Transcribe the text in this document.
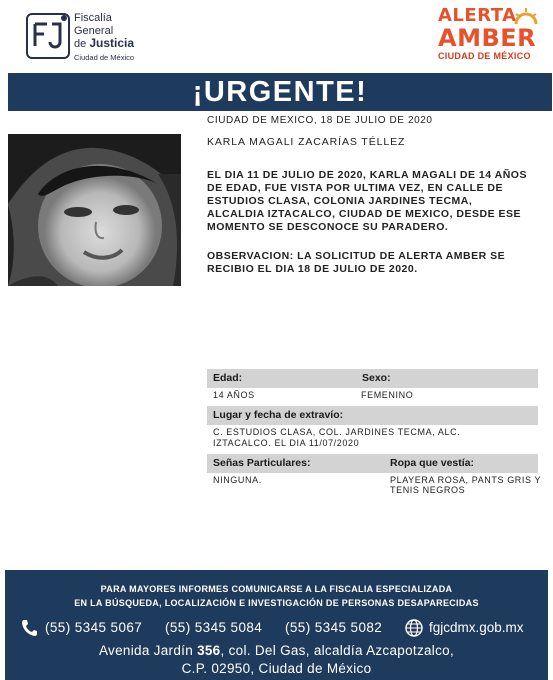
Fiscalía
General
de Justicia
Ciudad de México
ALERTA
AMBER
CIUDAD DE MÉXICO
¡URGENTE!
CIUDAD DE MEXICO, 18 DE JULIO DE 2020
KARLA MAGALI ZACARÍAS TÉLLEZ
EL DIA 11 DE JULIO DE 2020, KARLA MAGALI DE 14 AÑOS DE EDAD, FUE VISTA POR ULTIMA VEZ, EN CALLE DE ESTUDIOS CLASA, COLONIA JARDINES TECMA, ALCALDIA IZTACALCO, CIUDAD DE MEXICO, DESDE ESE MOMENTO SE DESCONOCE SU PARADERO.
OBSERVACION: LA SOLICITUD DE ALERTA AMBER SE RECIBIO EL DIA 18 DE JULIO DE 2020.
Edad:	Sexo:
14 AÑOS	FEMENINO
Lugar y fecha de extravío:
C. ESTUDIOS CLASA, COL. JARDINES TECMA, ALC.
IZTACALCO. EL DIA 11/07/2020
Señas Particulares:	Ropa que vestía:
NINGUNA.	PLAYERA ROSA, PANTS GRIS Y
TENIS NEGROS
PARA MAYORES INFORMES COMUNICARSE A LA FISCALIA ESPECIALIZADA
EN LA BÚSQUEDA, LOCALIZACIÓN E INVESTIGACIÓN DE PERSONAS DESAPARECIDAS
(55) 5345 5067 (55) 5345 5084 (55) 5345 5082	fgjcdmx.gob.mx
Avenida Jardín 356, col. Del Gas, alcaldía Azcapotzalco,
C.P. 02950, Ciudad de México
